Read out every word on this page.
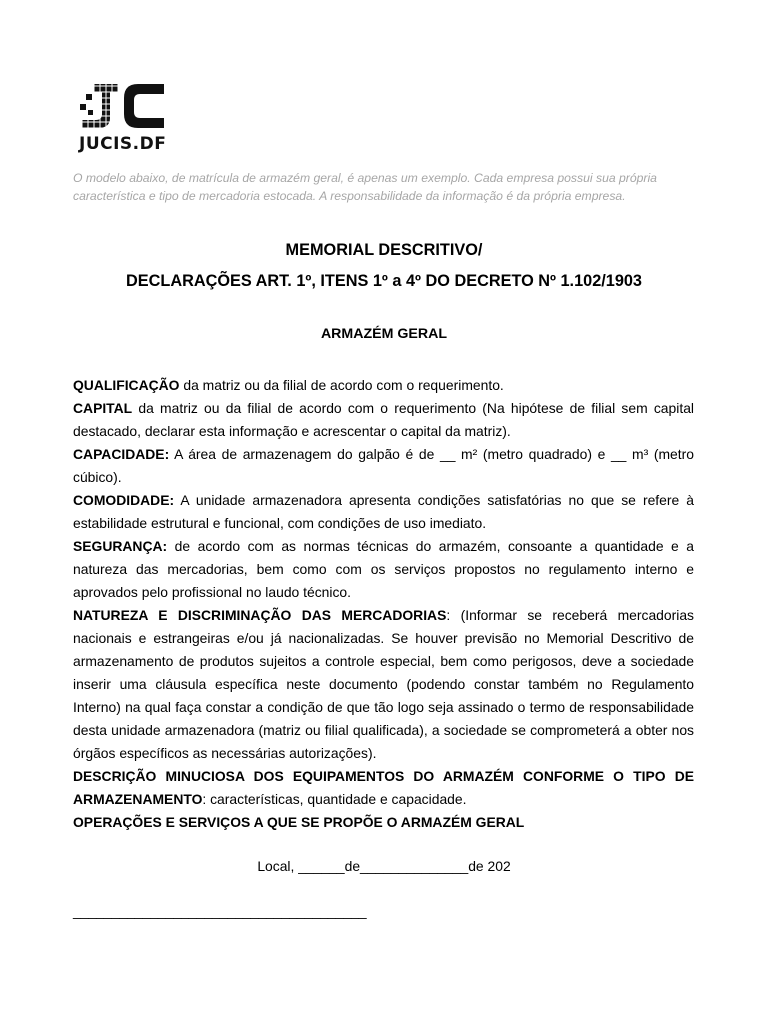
JUCIS.DF
O modelo abaixo, de matrícula de armazém geral, é apenas um exemplo. Cada empresa possui sua própria característica e tipo de mercadoria estocada. A responsabilidade da informação é da própria empresa.
MEMORIAL DESCRITIVO/
DECLARAÇÕES ART. 1º, ITENS 1º a 4º DO DECRETO Nº 1.102/1903
ARMAZÉM GERAL

QUALIFICAÇÃO da matriz ou da filial de acordo com o requerimento.

CAPITAL da matriz ou da filial de acordo com o requerimento (Na hipótese de filial sem capital destacado, declarar esta informação e acrescentar o capital da matriz).

CAPACIDADE: A área de armazenagem do galpão é de __ m² (metro quadrado) e __ m³ (metro cúbico).

COMODIDADE: A unidade armazenadora apresenta condições satisfatórias no que se refere à estabilidade estrutural e funcional, com condições de uso imediato.

SEGURANÇA: de acordo com as normas técnicas do armazém, consoante a quantidade e a natureza das mercadorias, bem como com os serviços propostos no regulamento interno e aprovados pelo profissional no laudo técnico.

NATUREZA E DISCRIMINAÇÃO DAS MERCADORIAS: (Informar se receberá mercadorias nacionais e estrangeiras e/ou já nacionalizadas. Se houver previsão no Memorial Descritivo de armazenamento de produtos sujeitos a controle especial, bem como perigosos, deve a sociedade inserir uma cláusula específica neste documento (podendo constar também no Regulamento Interno) na qual faça constar a condição de que tão logo seja assinado o termo de responsabilidade desta unidade armazenadora (matriz ou filial qualificada), a sociedade se comprometerá a obter nos órgãos específicos as necessárias autorizações).

DESCRIÇÃO MINUCIOSA DOS EQUIPAMENTOS DO ARMAZÉM CONFORME O TIPO DE ARMAZENAMENTO: características, quantidade e capacidade.

OPERAÇÕES E SERVIÇOS A QUE SE PROPÕE O ARMAZÉM GERAL

Local, ______de______________de 202
______________________________________
